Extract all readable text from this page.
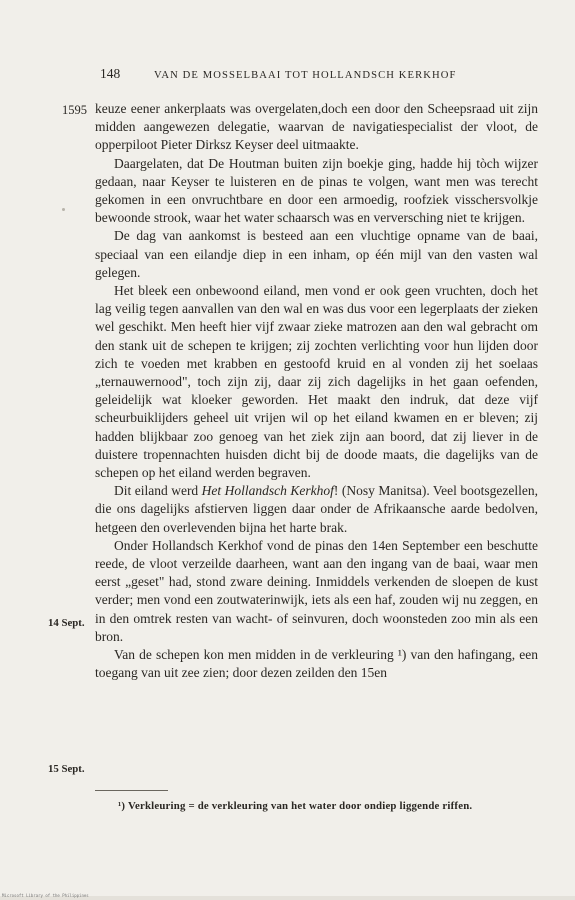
148	VAN DE MOSSELBAAI TOT HOLLANDSCH KERKHOF
1595
14 Sept.
15 Sept.

keuze eener ankerplaats was overgelaten,doch een door den Scheepsraad uit zijn midden aangewezen delegatie, waarvan de navigatiespecialist der vloot, de opperpiloot Pieter Dirksz Keyser deel uitmaakte.

Daargelaten, dat De Houtman buiten zijn boekje ging, hadde hij tòch wijzer gedaan, naar Keyser te luisteren en de pinas te volgen, want men was terecht gekomen in een onvruchtbare en door een armoedig, roofziek visschersvolkje bewoonde strook, waar het water schaarsch was en verversching niet te krijgen.

De dag van aankomst is besteed aan een vluchtige opname van de baai, speciaal van een eilandje diep in een inham, op één mijl van den vasten wal gelegen.

Het bleek een onbewoond eiland, men vond er ook geen vruchten, doch het lag veilig tegen aanvallen van den wal en was dus voor een legerplaats der zieken wel geschikt. Men heeft hier vijf zwaar zieke matrozen aan den wal gebracht om den stank uit de schepen te krijgen; zij zochten verlichting voor hun lijden door zich te voeden met krabben en gestoofd kruid en al vonden zij het soelaas „ternauwernood", toch zijn zij, daar zij zich dagelijks in het gaan oefenden, geleidelijk wat kloeker geworden. Het maakt den indruk, dat deze vijf scheurbuiklijders geheel uit vrijen wil op het eiland kwamen en er bleven; zij hadden blijkbaar zoo genoeg van het ziek zijn aan boord, dat zij liever in de duistere tropennachten huisden dicht bij de doode maats, die dagelijks van de schepen op het eiland werden begraven.

Dit eiland werd Het Hollandsch Kerkhof! (Nosy Manitsa). Veel bootsgezellen, die ons dagelijks afstierven liggen daar onder de Afrikaansche aarde bedolven, hetgeen den overlevenden bijna het harte brak.

Onder Hollandsch Kerkhof vond de pinas den 14en September een beschutte reede, de vloot verzeilde daarheen, want aan den ingang van de baai, waar men eerst „geset" had, stond zware deining. Inmiddels verkenden de sloepen de kust verder; men vond een zoutwaterinwijk, iets als een haf, zouden wij nu zeggen, en in den omtrek resten van wacht- of seinvuren, doch woonsteden zoo min als een bron.

Van de schepen kon men midden in de verkleuring ¹) van den hafingang, een toegang van uit zee zien; door dezen zeilden den 15en

¹) Verkleuring = de verkleuring van het water door ondiep liggende riffen.
Microsoft Library of the Philippines
